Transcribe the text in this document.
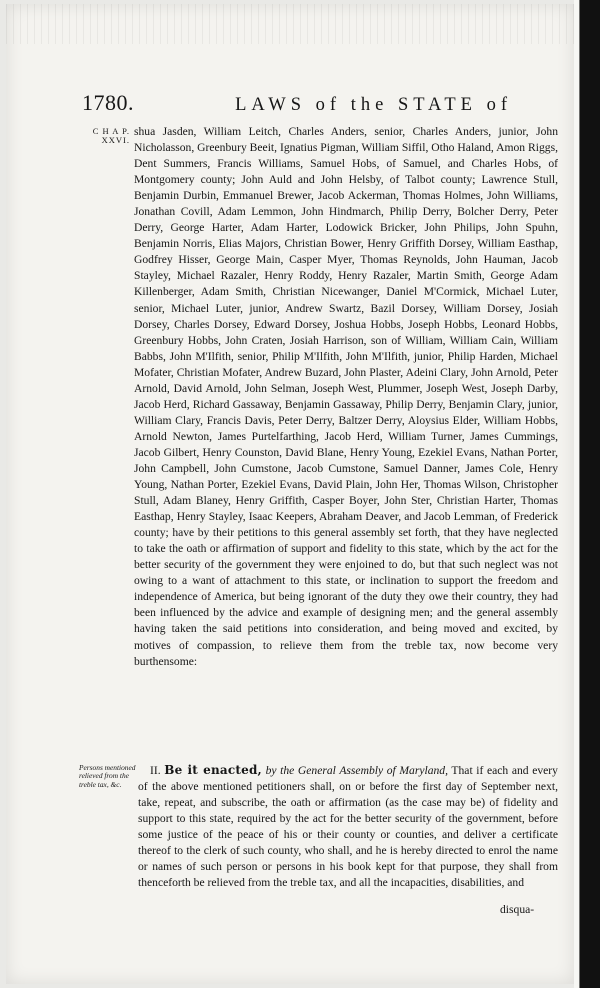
1780.	LAWS of the STATE of
C H A P.
XXVI.

shua Jasden, William Leitch, Charles Anders, senior, Charles Anders, junior, John Nicholasson, Greenbury Beeit, Ignatius Pigman, William Siffil, Otho Haland, Amon Riggs, Dent Summers, Francis Williams, Samuel Hobs, of Samuel, and Charles Hobs, of Montgomery county; John Auld and John Helsby, of Talbot county; Lawrence Stull, Benjamin Durbin, Emmanuel Brewer, Jacob Ackerman, Thomas Holmes, John Williams, Jonathan Covill, Adam Lemmon, John Hindmarch, Philip Derry, Bolcher Derry, Peter Derry, George Harter, Adam Harter, Lodowick Bricker, John Philips, John Spuhn, Benjamin Norris, Elias Majors, Christian Bower, Henry Griffith Dorsey, William Easthap, Godfrey Hisser, George Main, Casper Myer, Thomas Reynolds, John Hauman, Jacob Stayley, Michael Razaler, Henry Roddy, Henry Razaler, Martin Smith, George Adam Killenberger, Adam Smith, Christian Nicewanger, Daniel M'Cormick, Michael Luter, senior, Michael Luter, junior, Andrew Swartz, Bazil Dorsey, William Dorsey, Josiah Dorsey, Charles Dorsey, Edward Dorsey, Joshua Hobbs, Joseph Hobbs, Leonard Hobbs, Greenbury Hobbs, John Craten, Josiah Harrison, son of William, William Cain, William Babbs, John M'Ilfith, senior, Philip M'Ilfith, John M'Ilfith, junior, Philip Harden, Michael Mofater, Christian Mofater, Andrew Buzard, John Plaster, Adeini Clary, John Arnold, Peter Arnold, David Arnold, John Selman, Joseph West, Plummer, Joseph West, Joseph Darby, Jacob Herd, Richard Gassaway, Benjamin Gassaway, Philip Derry, Benjamin Clary, junior, William Clary, Francis Davis, Peter Derry, Baltzer Derry, Aloysius Elder, William Hobbs, Arnold Newton, James Purtelfarthing, Jacob Herd, William Turner, James Cummings, Jacob Gilbert, Henry Counston, David Blane, Henry Young, Ezekiel Evans, Nathan Porter, John Campbell, John Cumstone, Jacob Cumstone, Samuel Danner, James Cole, Henry Young, Nathan Porter, Ezekiel Evans, David Plain, John Her, Thomas Wilson, Christopher Stull, Adam Blaney, Henry Griffith, Casper Boyer, John Ster, Christian Harter, Thomas Easthap, Henry Stayley, Isaac Keepers, Abraham Deaver, and Jacob Lemman, of Frederick county; have by their petitions to this general assembly set forth, that they have neglected to take the oath or affirmation of support and fidelity to this state, which by the act for the better security of the government they were enjoined to do, but that such neglect was not owing to a want of attachment to this state, or inclination to support the freedom and independence of America, but being ignorant of the duty they owe their country, they had been influenced by the advice and example of designing men; and the general assembly having taken the said petitions into consideration, and being moved and excited, by motives of compassion, to relieve them from the treble tax, now become very burthensome:

Persons mentioned relieved from the treble tax, &c.

II. Be it enacted, by the General Assembly of Maryland, That if each and every of the above mentioned petitioners shall, on or before the first day of September next, take, repeat, and subscribe, the oath or affirmation (as the case may be) of fidelity and support to this state, required by the act for the better security of the government, before some justice of the peace of his or their county or counties, and deliver a certificate thereof to the clerk of such county, who shall, and he is hereby directed to enrol the name or names of such person or persons in his book kept for that purpose, they shall from thenceforth be relieved from the treble tax, and all the incapacities, disabilities, and

disqua-
